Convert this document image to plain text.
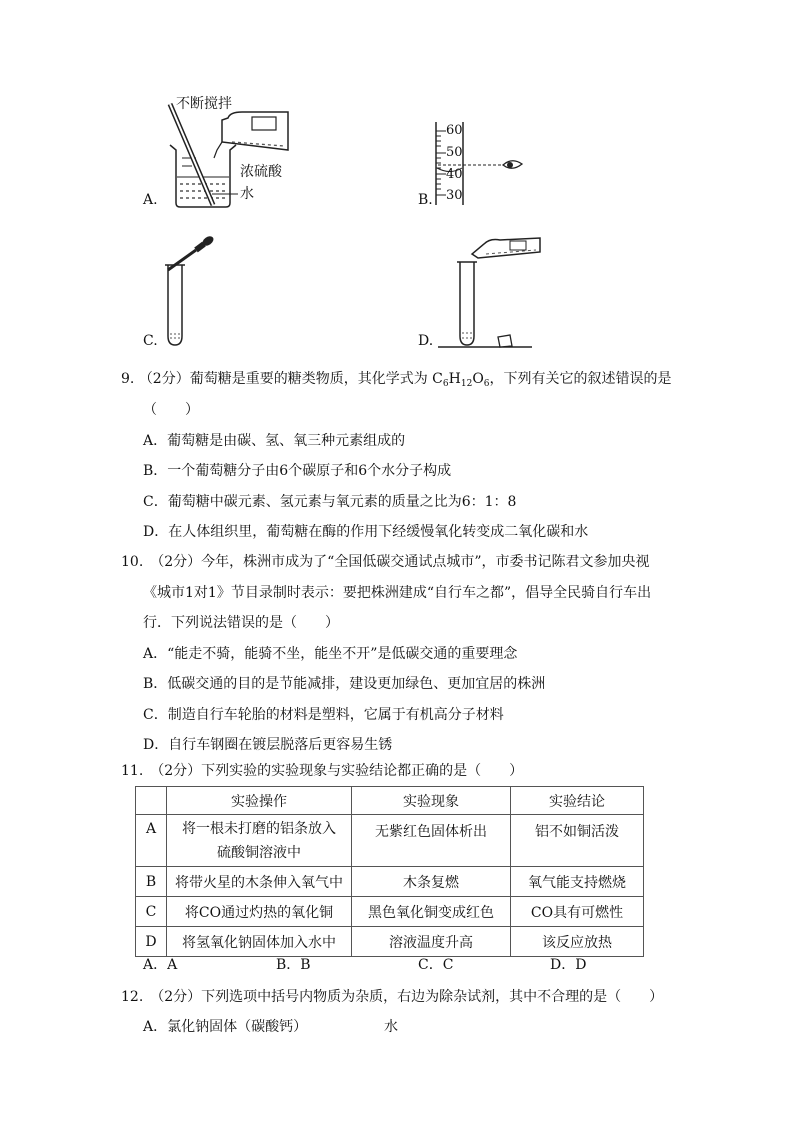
A.
不断搅拌
浓硫酸
水	B.
60
50
40
30
C.	D.
9. （2分）葡萄糖是重要的糖类物质，其化学式为 $C_6H_{12}O_6$，下列有关它的叙述错误的是
（　　）
A．葡萄糖是由碳、氢、氧三种元素组成的
B．一个葡萄糖分子由6个碳原子和6个水分子构成
C．葡萄糖中碳元素、氢元素与氧元素的质量之比为6：1：8
D．在人体组织里，葡萄糖在酶的作用下经缓慢氧化转变成二氧化碳和水
10.　（2分）今年，株洲市成为了“全国低碳交通试点城市”，市委书记陈君文参加央视
《城市1对1》节目录制时表示：要把株洲建成“自行车之都”，倡导全民骑自行车出
行．下列说法错误的是（　　）
A．“能走不骑，能骑不坐，能坐不开”是低碳交通的重要理念
B．低碳交通的目的是节能减排，建设更加绿色、更加宜居的株洲
C．制造自行车轮胎的材料是塑料，它属于有机高分子材料
D．自行车钢圈在镀层脱落后更容易生锈
11.　（2分）下列实验的实验现象与实验结论都正确的是（　　）
	实验操作	实验现象	实验结论
A	将一根未打磨的铝条放入
硫酸铜溶液中	无紫红色固体析出	铝不如铜活泼
B	将带火星的木条伸入氧气中	木条复燃	氧气能支持燃烧
C	将CO通过灼热的氧化铜	黑色氧化铜变成红色	CO具有可燃性
D	将氢氧化钠固体加入水中	溶液温度升高	该反应放热
A．A	B．B	C．C	D．D
12.　（2分）下列选项中括号内物质为杂质，右边为除杂试剂，其中不合理的是（　　）
A．氯化钠固体（碳酸钙）	水
